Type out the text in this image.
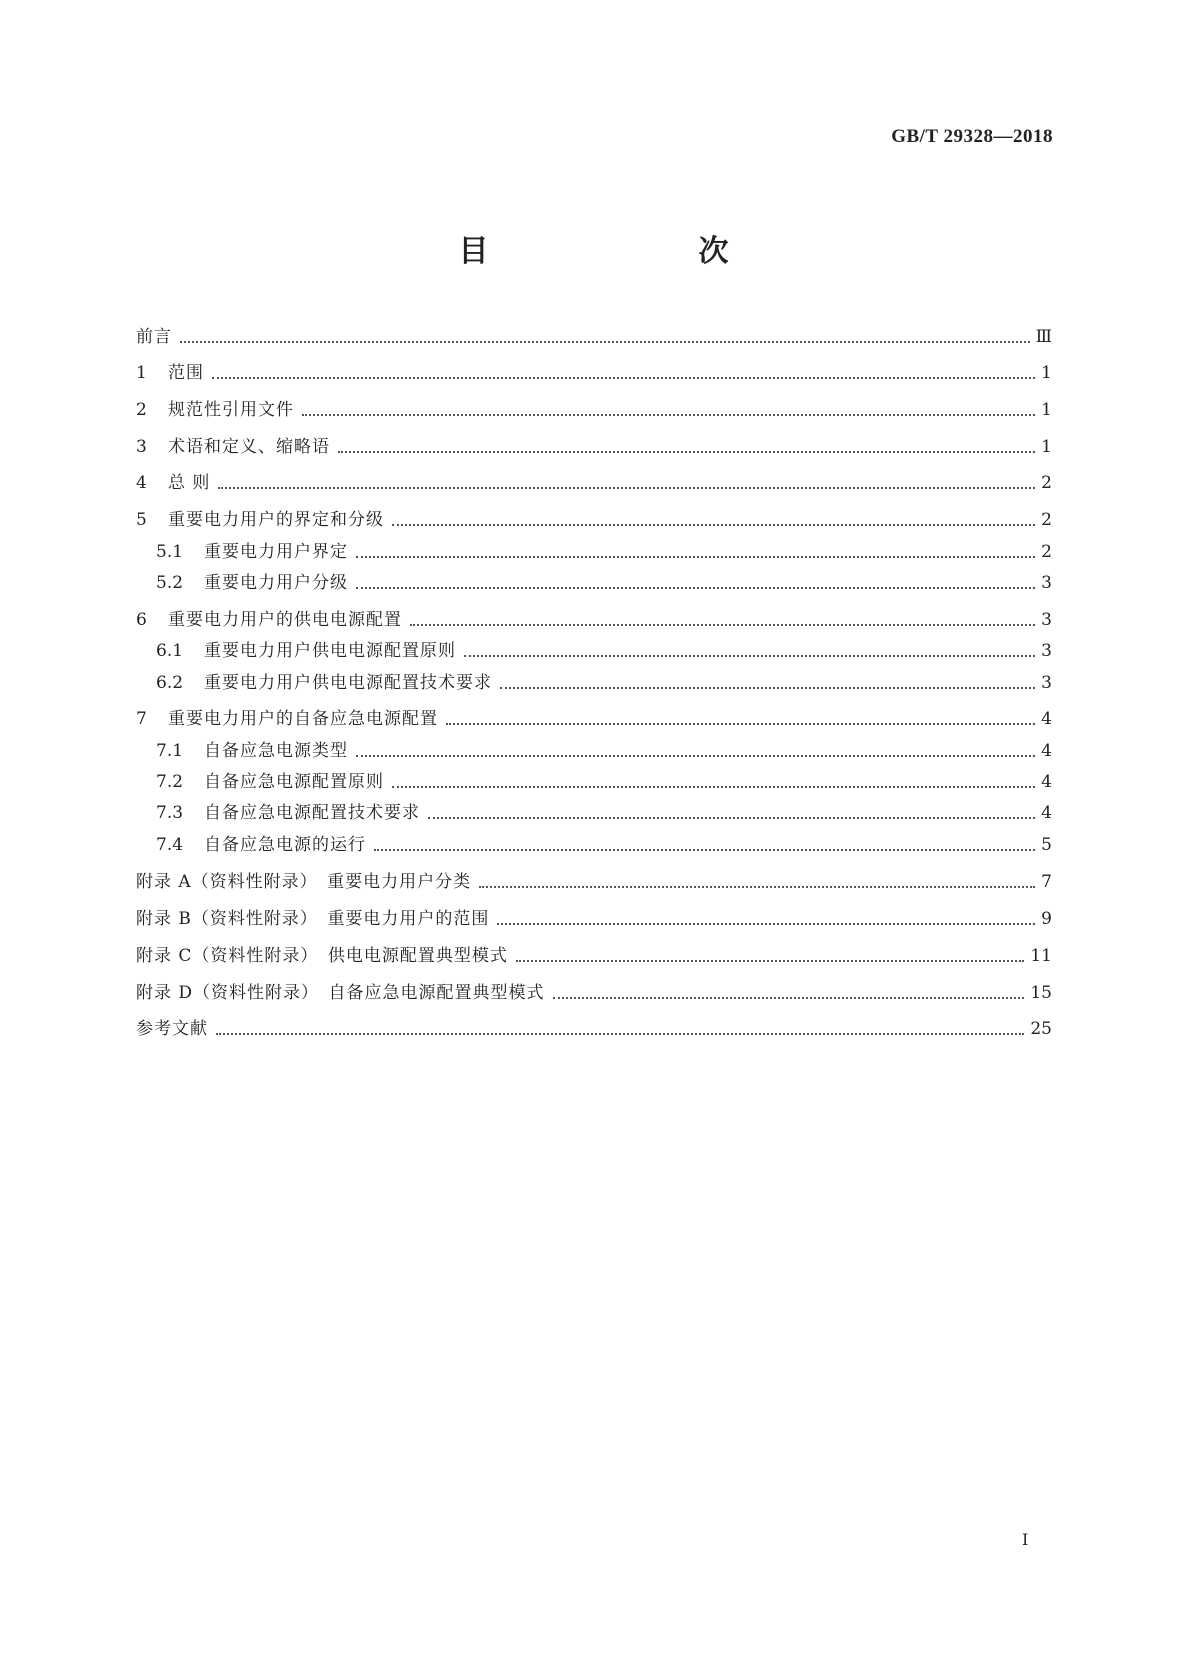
GB/T 29328—2018
目　　次
前言	Ⅲ
1	范围	1
2	规范性引用文件	1
3	术语和定义、缩略语	1
4	总 则	2
5	重要电力用户的界定和分级	2
5.1	重要电力用户界定	2
5.2	重要电力用户分级	3
6	重要电力用户的供电电源配置	3
6.1	重要电力用户供电电源配置原则	3
6.2	重要电力用户供电电源配置技术要求	3
7	重要电力用户的自备应急电源配置	4
7.1	自备应急电源类型	4
7.2	自备应急电源配置原则	4
7.3	自备应急电源配置技术要求	4
7.4	自备应急电源的运行	5
附录 A（资料性附录）　重要电力用户分类	7
附录 B（资料性附录）　重要电力用户的范围	9
附录 C（资料性附录）　供电电源配置典型模式	11
附录 D（资料性附录）　自备应急电源配置典型模式	15
参考文献	25
I
